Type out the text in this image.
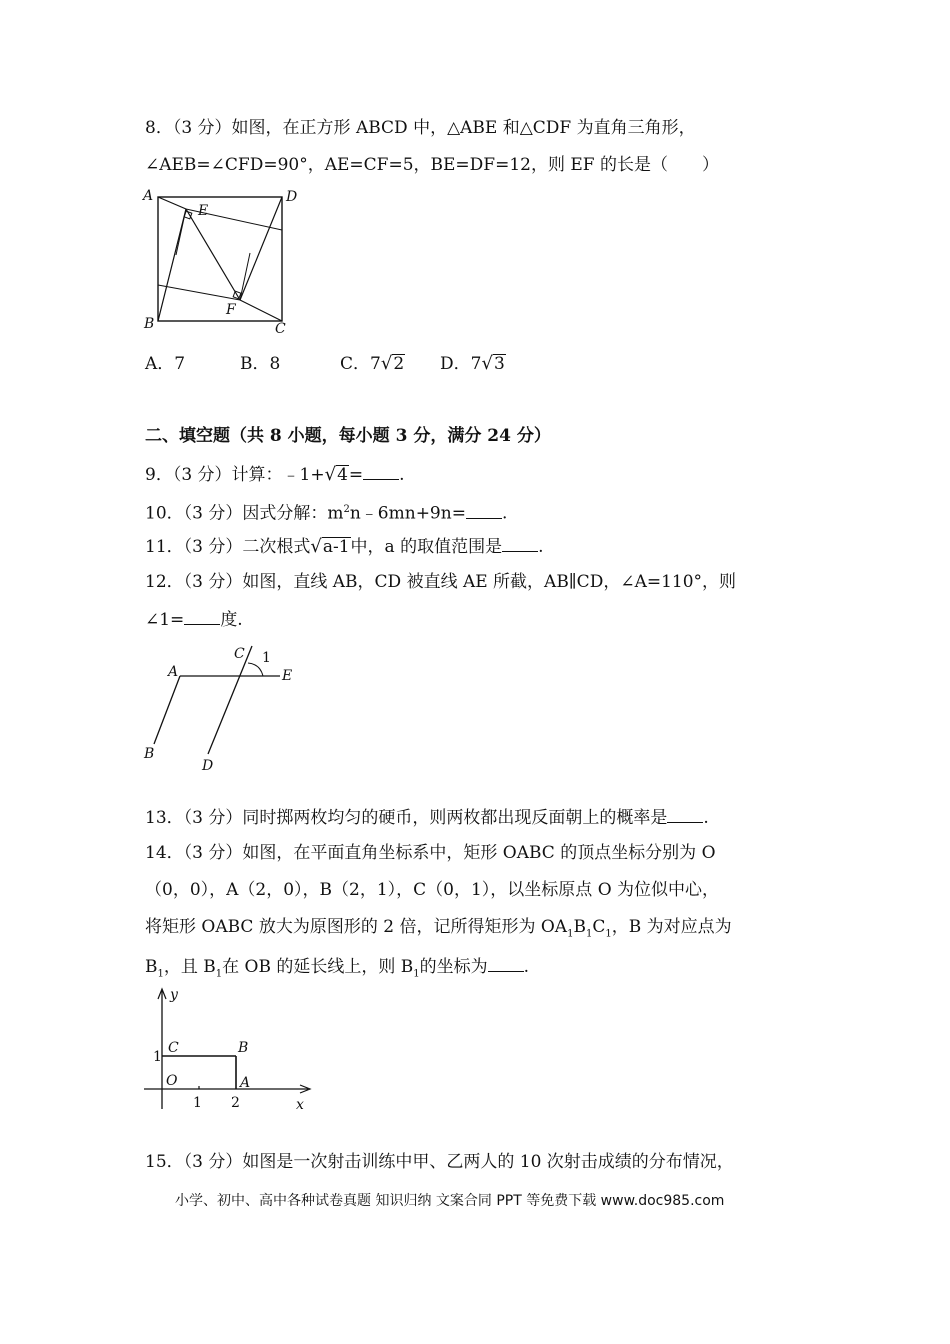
8．（3 分）如图，在正方形 ABCD 中，△ABE 和△CDF 为直角三角形，
∠AEB=∠CFD=90°，AE=CF=5，BE=DF=12，则 EF 的长是（　　）
A	D
E
F
B	C
A．7	B．8	C．7√2 D．7√3
二、填空题（共 8 小题，每小题 3 分，满分 24 分）
9．（3 分）计算：﹣1+√4= .
10．（3 分）因式分解：$m^2n﹣6mn+9n=$ .
11．（3 分）二次根式√a-1中，a 的取值范围是 .
12．（3 分）如图，直线 AB，CD 被直线 AE 所截，AB∥CD，∠A=110°，则
∠1= 度.
C 1
A	E
B
D
13．（3 分）同时掷两枚均匀的硬币，则两枚都出现反面朝上的概率是 .
14．（3 分）如图，在平面直角坐标系中，矩形 OABC 的顶点坐标分别为 O
（0，0），A（2，0），B（2，1），C（0，1），以坐标原点 O 为位似中心，
将矩形 OABC 放大为原图形的 2 倍，记所得矩形为 $OA_1B_1C_1$，B 为对应点为
$B_1$，且 $B_1$在 OB 的延长线上，则 $B_1$的坐标为 .
y
C	B
1
O	A
1 2	x
15．（3 分）如图是一次射击训练中甲、乙两人的 10 次射击成绩的分布情况，
小学、初中、高中各种试卷真题 知识归纳 文案合同 PPT 等免费下载 www.doc985.com
